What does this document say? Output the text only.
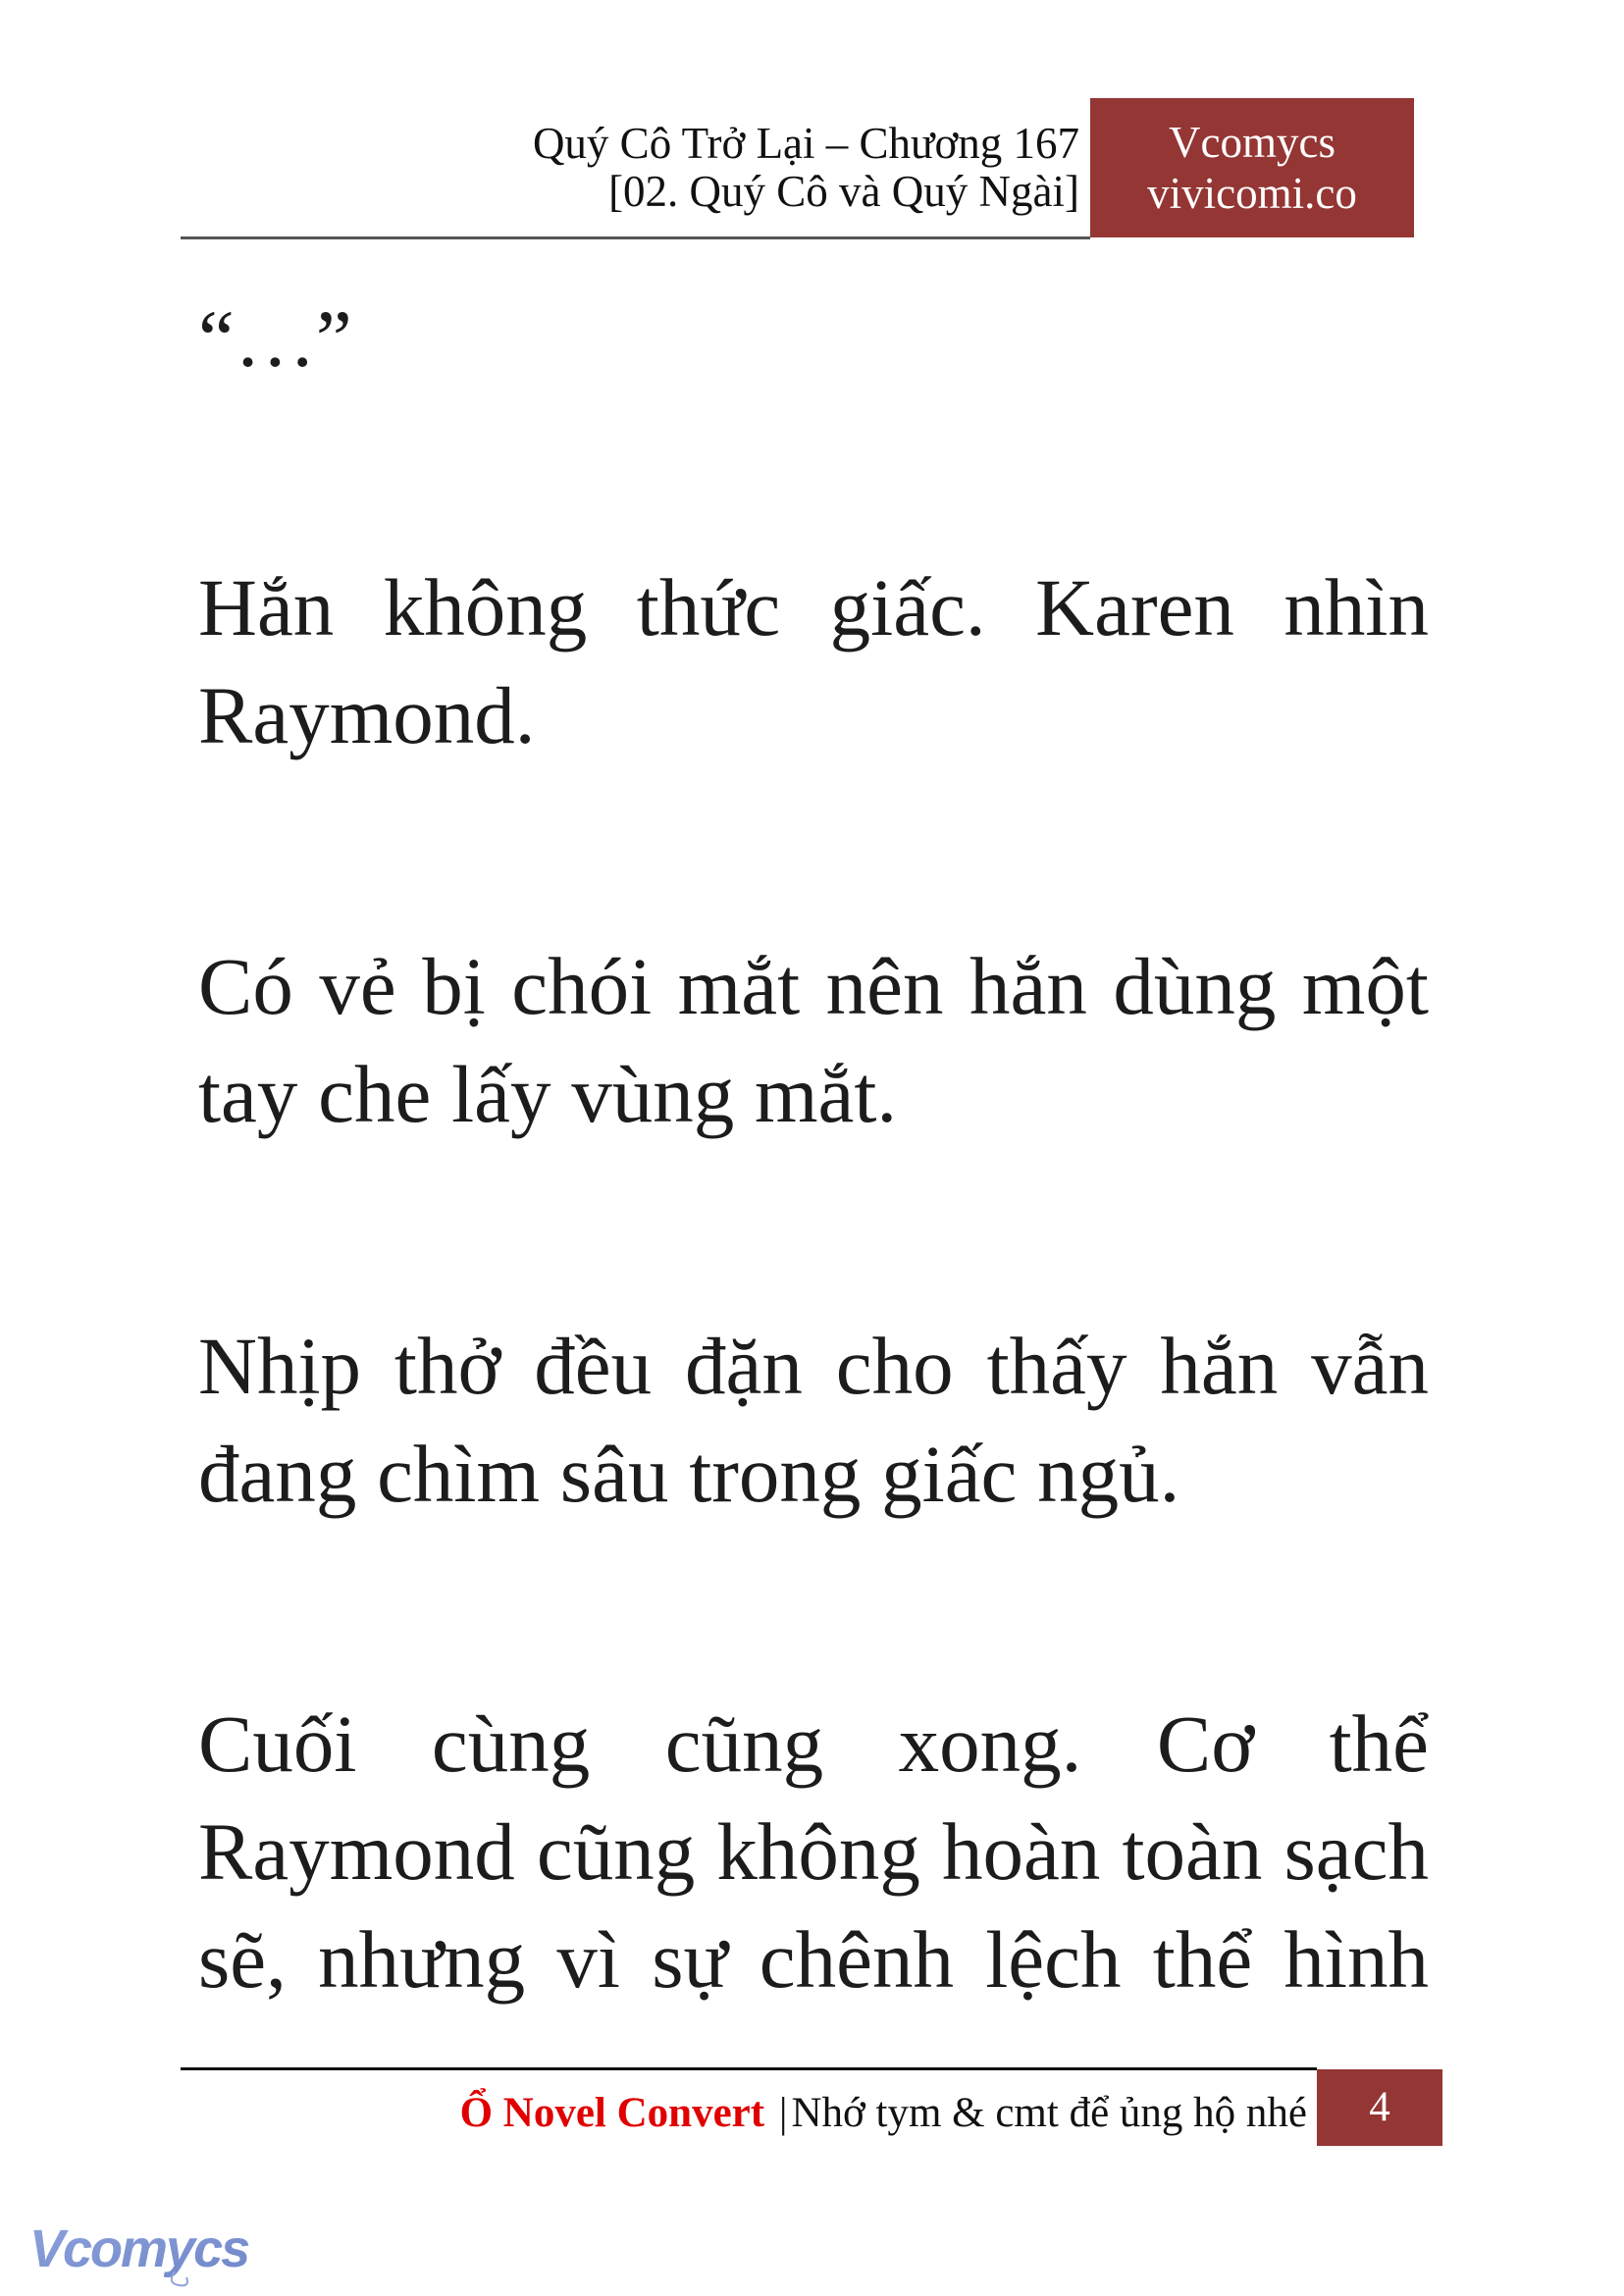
Quý Cô Trở Lại – Chương 167
[02. Quý Cô và Quý Ngài]
Vcomycs
vivicomi.co
“…”
Hắn không thức giấc. Karen nhìn Raymond.
Có vẻ bị chói mắt nên hắn dùng một tay che lấy vùng mắt.
Nhịp thở đều đặn cho thấy hắn vẫn đang chìm sâu trong giấc ngủ.
Cuối cùng cũng xong. Cơ thể Raymond cũng không hoàn toàn sạch sẽ, nhưng vì sự chênh lệch thể hình
Ổ Novel Convert |Nhớ tym & cmt để ủng hộ nhé	4
Vcomycs
